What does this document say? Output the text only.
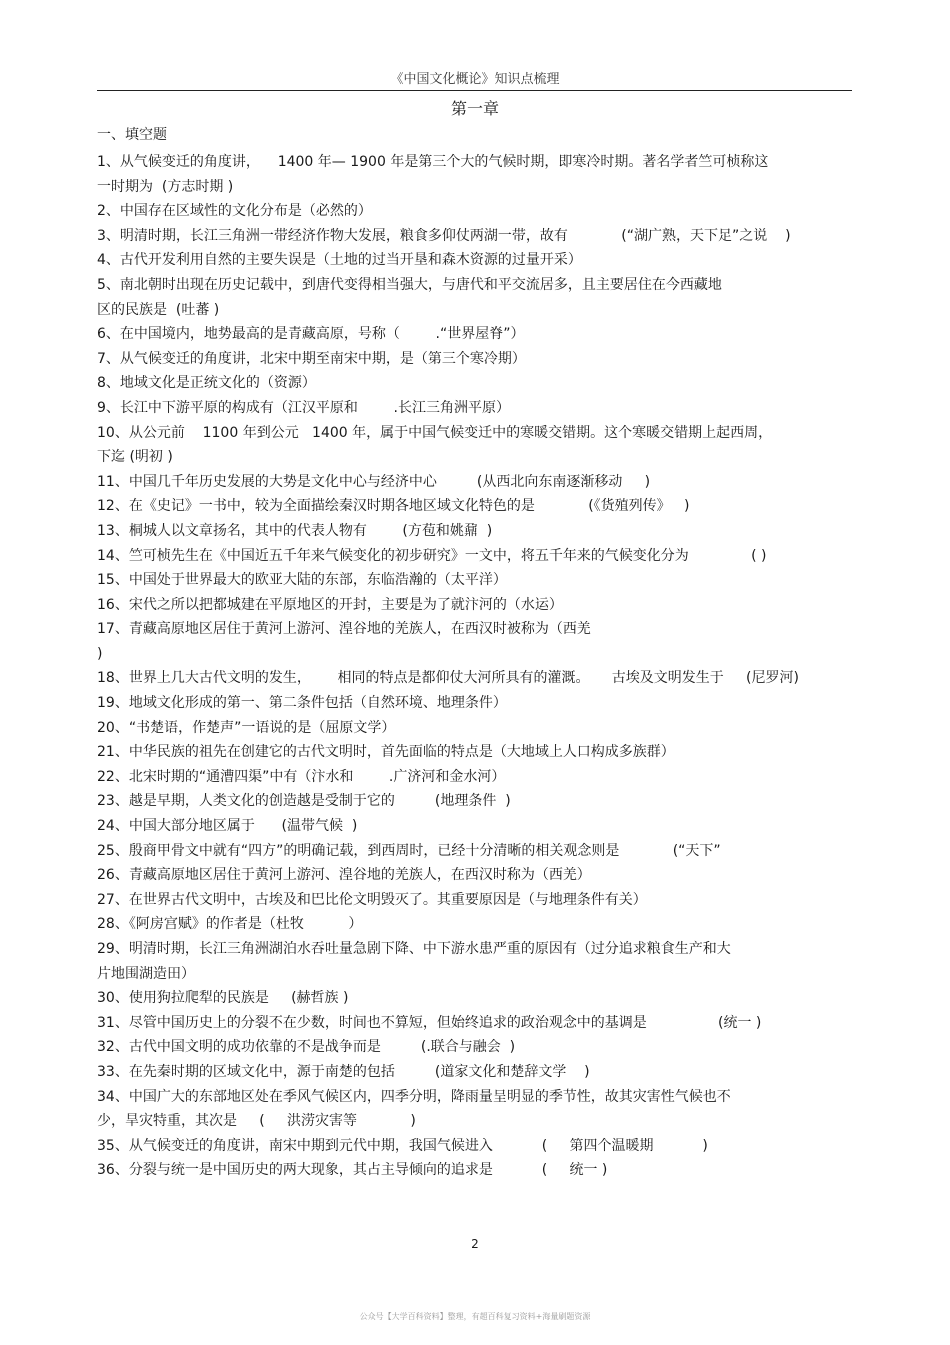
《中国文化概论》知识点梳理
第一章
一、填空题
1、从气候变迁的角度讲，    1400 年— 1900 年是第三个大的气候时期，即寒冷时期。著名学者竺可桢称这
一时期为  (方志时期 )
2、中国存在区域性的文化分布是（必然的）
3、明清时期，长江三角洲一带经济作物大发展，粮食多仰仗两湖一带，故有            (“湖广熟，天下足”之说    )
4、古代开发利用自然的主要失误是（土地的过当开垦和森木资源的过量开采）
5、南北朝时出现在历史记载中，到唐代变得相当强大，与唐代和平交流居多，且主要居住在今西藏地
区的民族是  (吐蕃 )
6、在中国境内，地势最高的是青藏高原，号称（        .“世界屋脊”）
7、从气候变迁的角度讲，北宋中期至南宋中期，是（第三个寒冷期）
8、地域文化是正统文化的（资源）
9、长江中下游平原的构成有（江汉平原和        .长江三角洲平原）
10、从公元前    1100 年到公元   1400 年，属于中国气候变迁中的寒暖交错期。这个寒暖交错期上起西周，
下迄 (明初 )
11、中国几千年历史发展的大势是文化中心与经济中心         (从西北向东南逐渐移动     )
12、在《史记》一书中，较为全面描绘秦汉时期各地区域文化特色的是            (《货殖列传》   )
13、桐城人以文章扬名，其中的代表人物有        (方苞和姚鼐  )
14、竺可桢先生在《中国近五千年来气候变化的初步研究》一文中，将五千年来的气候变化分为              ( )
15、中国处于世界最大的欧亚大陆的东部，东临浩瀚的（太平洋）
16、宋代之所以把都城建在平原地区的开封，主要是为了就汴河的（水运）
17、青藏高原地区居住于黄河上游河、湟谷地的羌族人，在西汉时被称为（西羌
)
18、世界上几大古代文明的发生，      相同的特点是都仰仗大河所具有的灌溉。     古埃及文明发生于     (尼罗河)
19、地域文化形成的第一、第二条件包括（自然环境、地理条件）
20、“书楚语，作楚声”一语说的是（屈原文学）
21、中华民族的祖先在创建它的古代文明时，首先面临的特点是（大地域上人口构成多族群）
22、北宋时期的“通漕四渠”中有（汴水和        .广济河和金水河）
23、越是早期，人类文化的创造越是受制于它的         (地理条件  )
24、中国大部分地区属于      (温带气候  )
25、殷商甲骨文中就有“四方”的明确记载，到西周时，已经十分清晰的相关观念则是            (“天下”
26、青藏高原地区居住于黄河上游河、湟谷地的羌族人，在西汉时称为（西羌）
27、在世界古代文明中，古埃及和巴比伦文明毁灭了。其重要原因是（与地理条件有关）
28、《阿房宫赋》的作者是（杜牧          ）
29、明清时期，长江三角洲湖泊水吞吐量急剧下降、中下游水患严重的原因有（过分追求粮食生产和大
片地围湖造田）
30、使用狗拉爬犁的民族是     (赫哲族 )
31、尽管中国历史上的分裂不在少数，时间也不算短，但始终追求的政治观念中的基调是                (统一 )
32、古代中国文明的成功依靠的不是战争而是         (.联合与融会  )
33、在先秦时期的区域文化中，源于南楚的包括         (道家文化和楚辞文学    )
34、中国广大的东部地区处在季风气候区内，四季分明，降雨量呈明显的季节性，故其灾害性气候也不
少，旱灾特重，其次是     (     洪涝灾害等            )
35、从气候变迁的角度讲，南宋中期到元代中期，我国气候进入           (     第四个温暖期           )
36、分裂与统一是中国历史的两大现象，其占主导倾向的追求是           (     统一 )
2
公众号【大学百科资料】整理，有超百科复习资料+海量刷题资源
